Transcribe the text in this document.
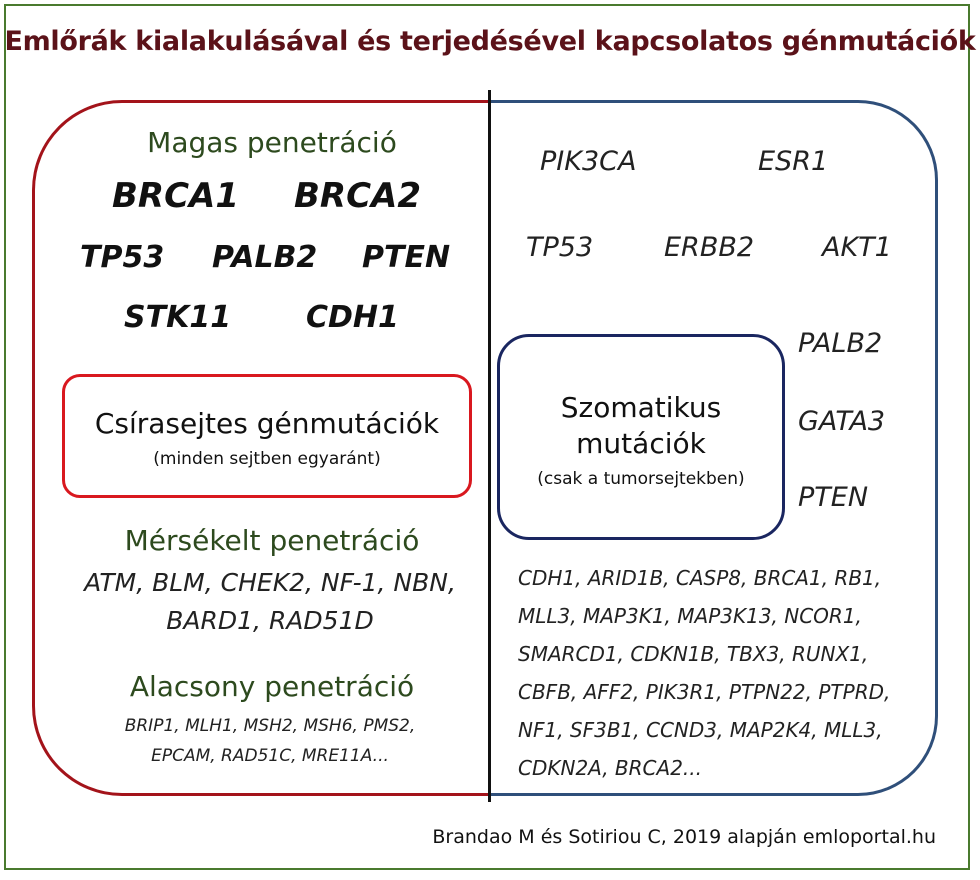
Emlőrák kialakulásával és terjedésével kapcsolatos génmutációk
Magas penetráció
BRCA1 BRCA2
TP53 PALB2 PTEN
STK11 CDH1
Csírasejtes génmutációk
(minden sejtben egyaránt)
Mérsékelt penetráció
ATM, BLM, CHEK2, NF-1, NBN,
BARD1, RAD51D
Alacsony penetráció
BRIP1, MLH1, MSH2, MSH6, PMS2,
EPCAM, RAD51C, MRE11A...
PIK3CA	ESR1
TP53	ERBB2	AKT1
Szomatikus
mutációk
(csak a tumorsejtekben)
PALB2
GATA3
PTEN
CDH1, ARID1B, CASP8, BRCA1, RB1,
MLL3, MAP3K1, MAP3K13, NCOR1,
SMARCD1, CDKN1B, TBX3, RUNX1,
CBFB, AFF2, PIK3R1, PTPN22, PTPRD,
NF1, SF3B1, CCND3, MAP2K4, MLL3,
CDKN2A, BRCA2...
Brandao M és Sotiriou C, 2019 alapján emloportal.hu
